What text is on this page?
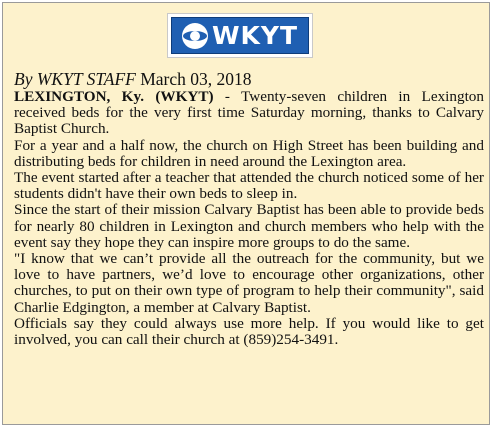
WKYT
By WKYT STAFF March 03, 2018

LEXINGTON, Ky. (WKYT) - Twenty-seven children in Lexington received beds for the very first time Saturday morning, thanks to Calvary Baptist Church.

For a year and a half now, the church on High Street has been building and distributing beds for children in need around the Lexington area.

The event started after a teacher that attended the church noticed some of her students didn't have their own beds to sleep in.

Since the start of their mission Calvary Baptist has been able to provide beds for nearly 80 children in Lexington and church members who help with the event say they hope they can inspire more groups to do the same.

"I know that we can’t provide all the outreach for the community, but we love to have partners, we’d love to encourage other organizations, other churches, to put on their own type of program to help their community", said Charlie Edgington, a member at Calvary Baptist.

Officials say they could always use more help. If you would like to get involved, you can call their church at (859)254-3491.
